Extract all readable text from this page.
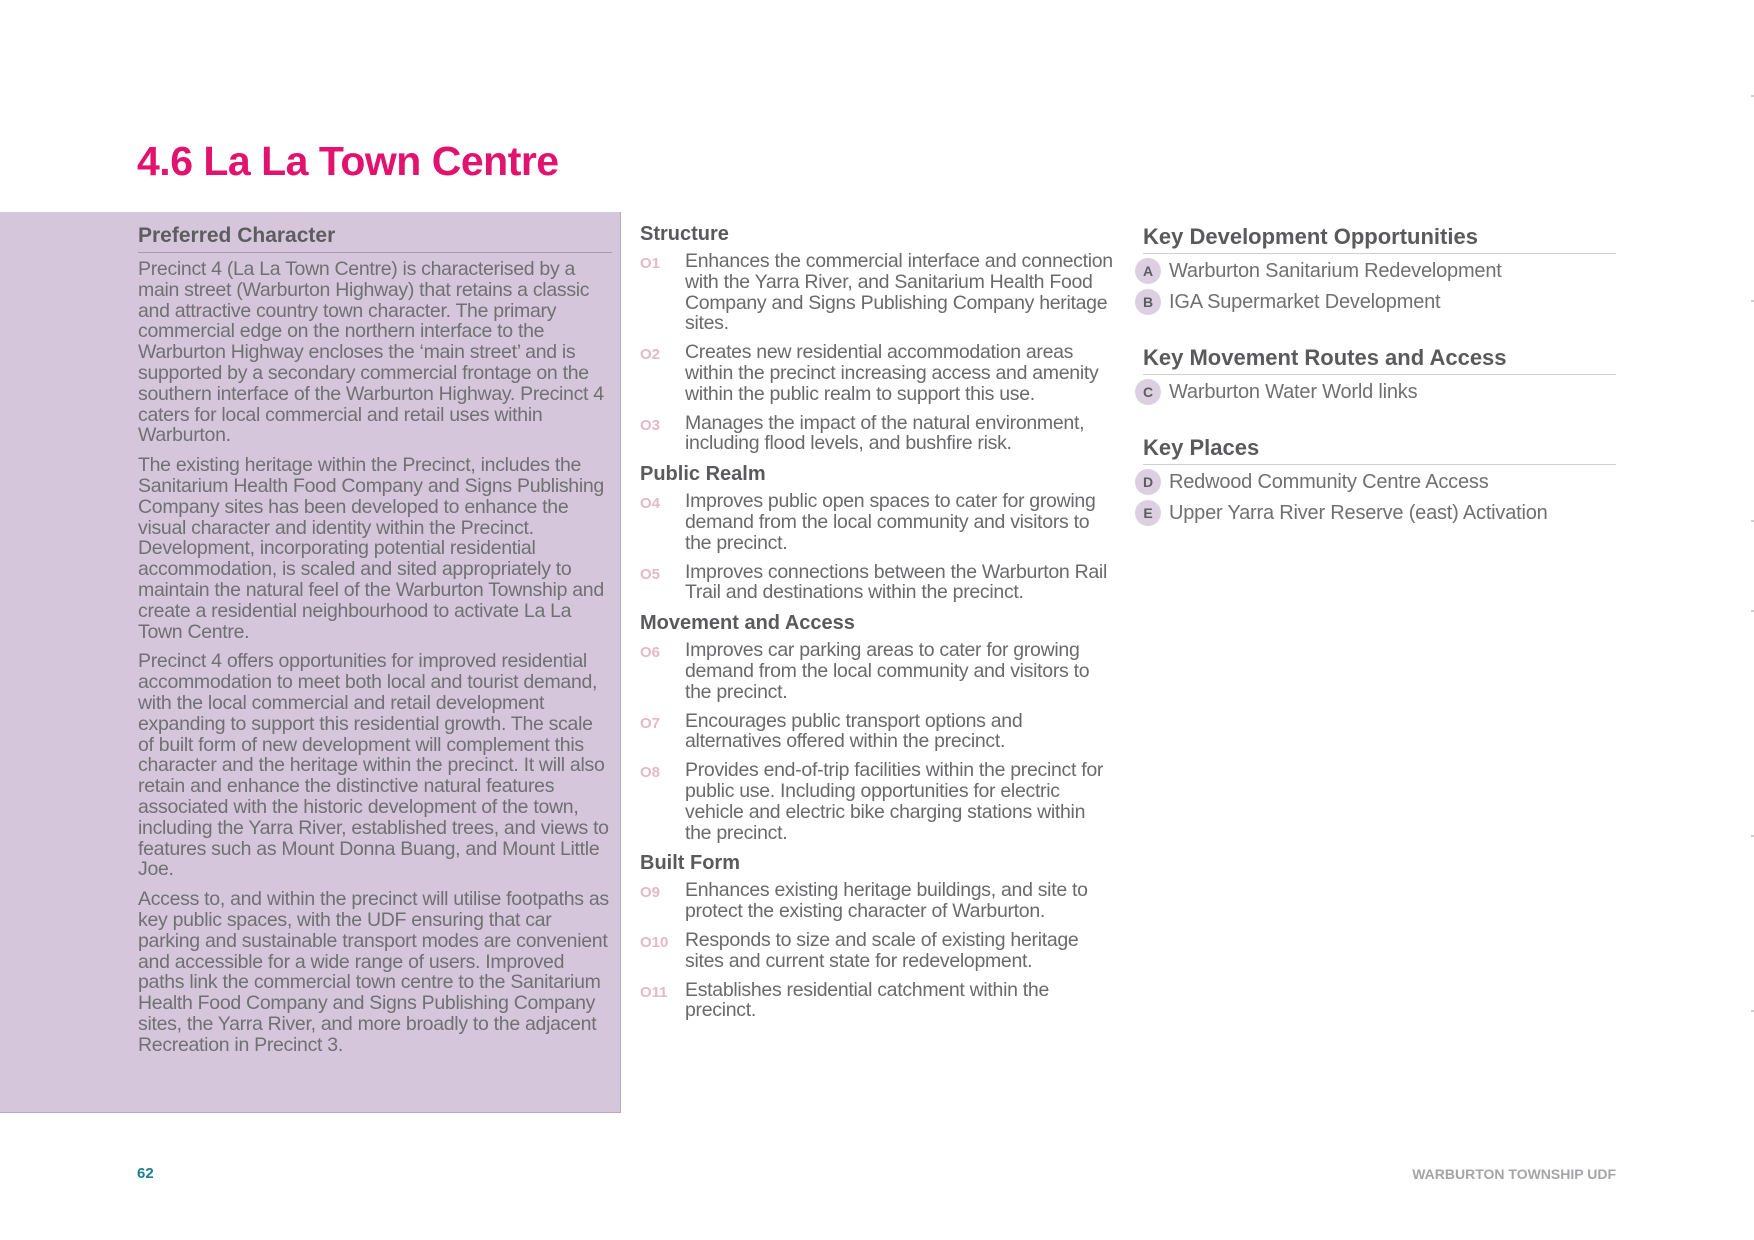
4.6 La La Town Centre
Preferred Character

Precinct 4 (La La Town Centre) is characterised by a main street (Warburton Highway) that retains a classic and attractive country town character. The primary commercial edge on the northern interface to the Warburton Highway encloses the ‘main street’ and is supported by a secondary commercial frontage on the southern interface of the Warburton Highway. Precinct 4 caters for local commercial and retail uses within Warburton.

The existing heritage within the Precinct, includes the Sanitarium Health Food Company and Signs Publishing Company sites has been developed to enhance the visual character and identity within the Precinct. Development, incorporating potential residential accommodation, is scaled and sited appropriately to maintain the natural feel of the Warburton Township and create a residential neighbourhood to activate La La Town Centre.

Precinct 4 offers opportunities for improved residential accommodation to meet both local and tourist demand, with the local commercial and retail development expanding to support this residential growth. The scale of built form of new development will complement this character and the heritage within the precinct. It will also retain and enhance the distinctive natural features associated with the historic development of the town, including the Yarra River, established trees, and views to features such as Mount Donna Buang, and Mount Little Joe.

Access to, and within the precinct will utilise footpaths as key public spaces, with the UDF ensuring that car parking and sustainable transport modes are convenient and accessible for a wide range of users. Improved paths link the commercial town centre to the Sanitarium Health Food Company and Signs Publishing Company sites, the Yarra River, and more broadly to the adjacent Recreation in Precinct 3.

Structure
O1	Enhances the commercial interface and connection with the Yarra River, and Sanitarium Health Food Company and Signs Publishing Company heritage sites.
O2	Creates new residential accommodation areas within the precinct increasing access and amenity within the public realm to support this use.
O3	Manages the impact of the natural environment, including flood levels, and bushfire risk.
Public Realm
O4	Improves public open spaces to cater for growing demand from the local community and visitors to the precinct.
O5	Improves connections between the Warburton Rail Trail and destinations within the precinct.
Movement and Access
O6	Improves car parking areas to cater for growing demand from the local community and visitors to the precinct.
O7	Encourages public transport options and alternatives offered within the precinct.
O8	Provides end-of-trip facilities within the precinct for public use. Including opportunities for electric vehicle and electric bike charging stations within the precinct.
Built Form
O9	Enhances existing heritage buildings, and site to protect the existing character of Warburton.
O10 Responds to size and scale of existing heritage sites and current state for redevelopment.
O11 Establishes residential catchment within the precinct.
Key Development Opportunities
A Warburton Sanitarium Redevelopment
B IGA Supermarket Development
Key Movement Routes and Access
C Warburton Water World links
Key Places
D Redwood Community Centre Access
E Upper Yarra River Reserve (east) Activation
62	WARBURTON TOWNSHIP UDF
